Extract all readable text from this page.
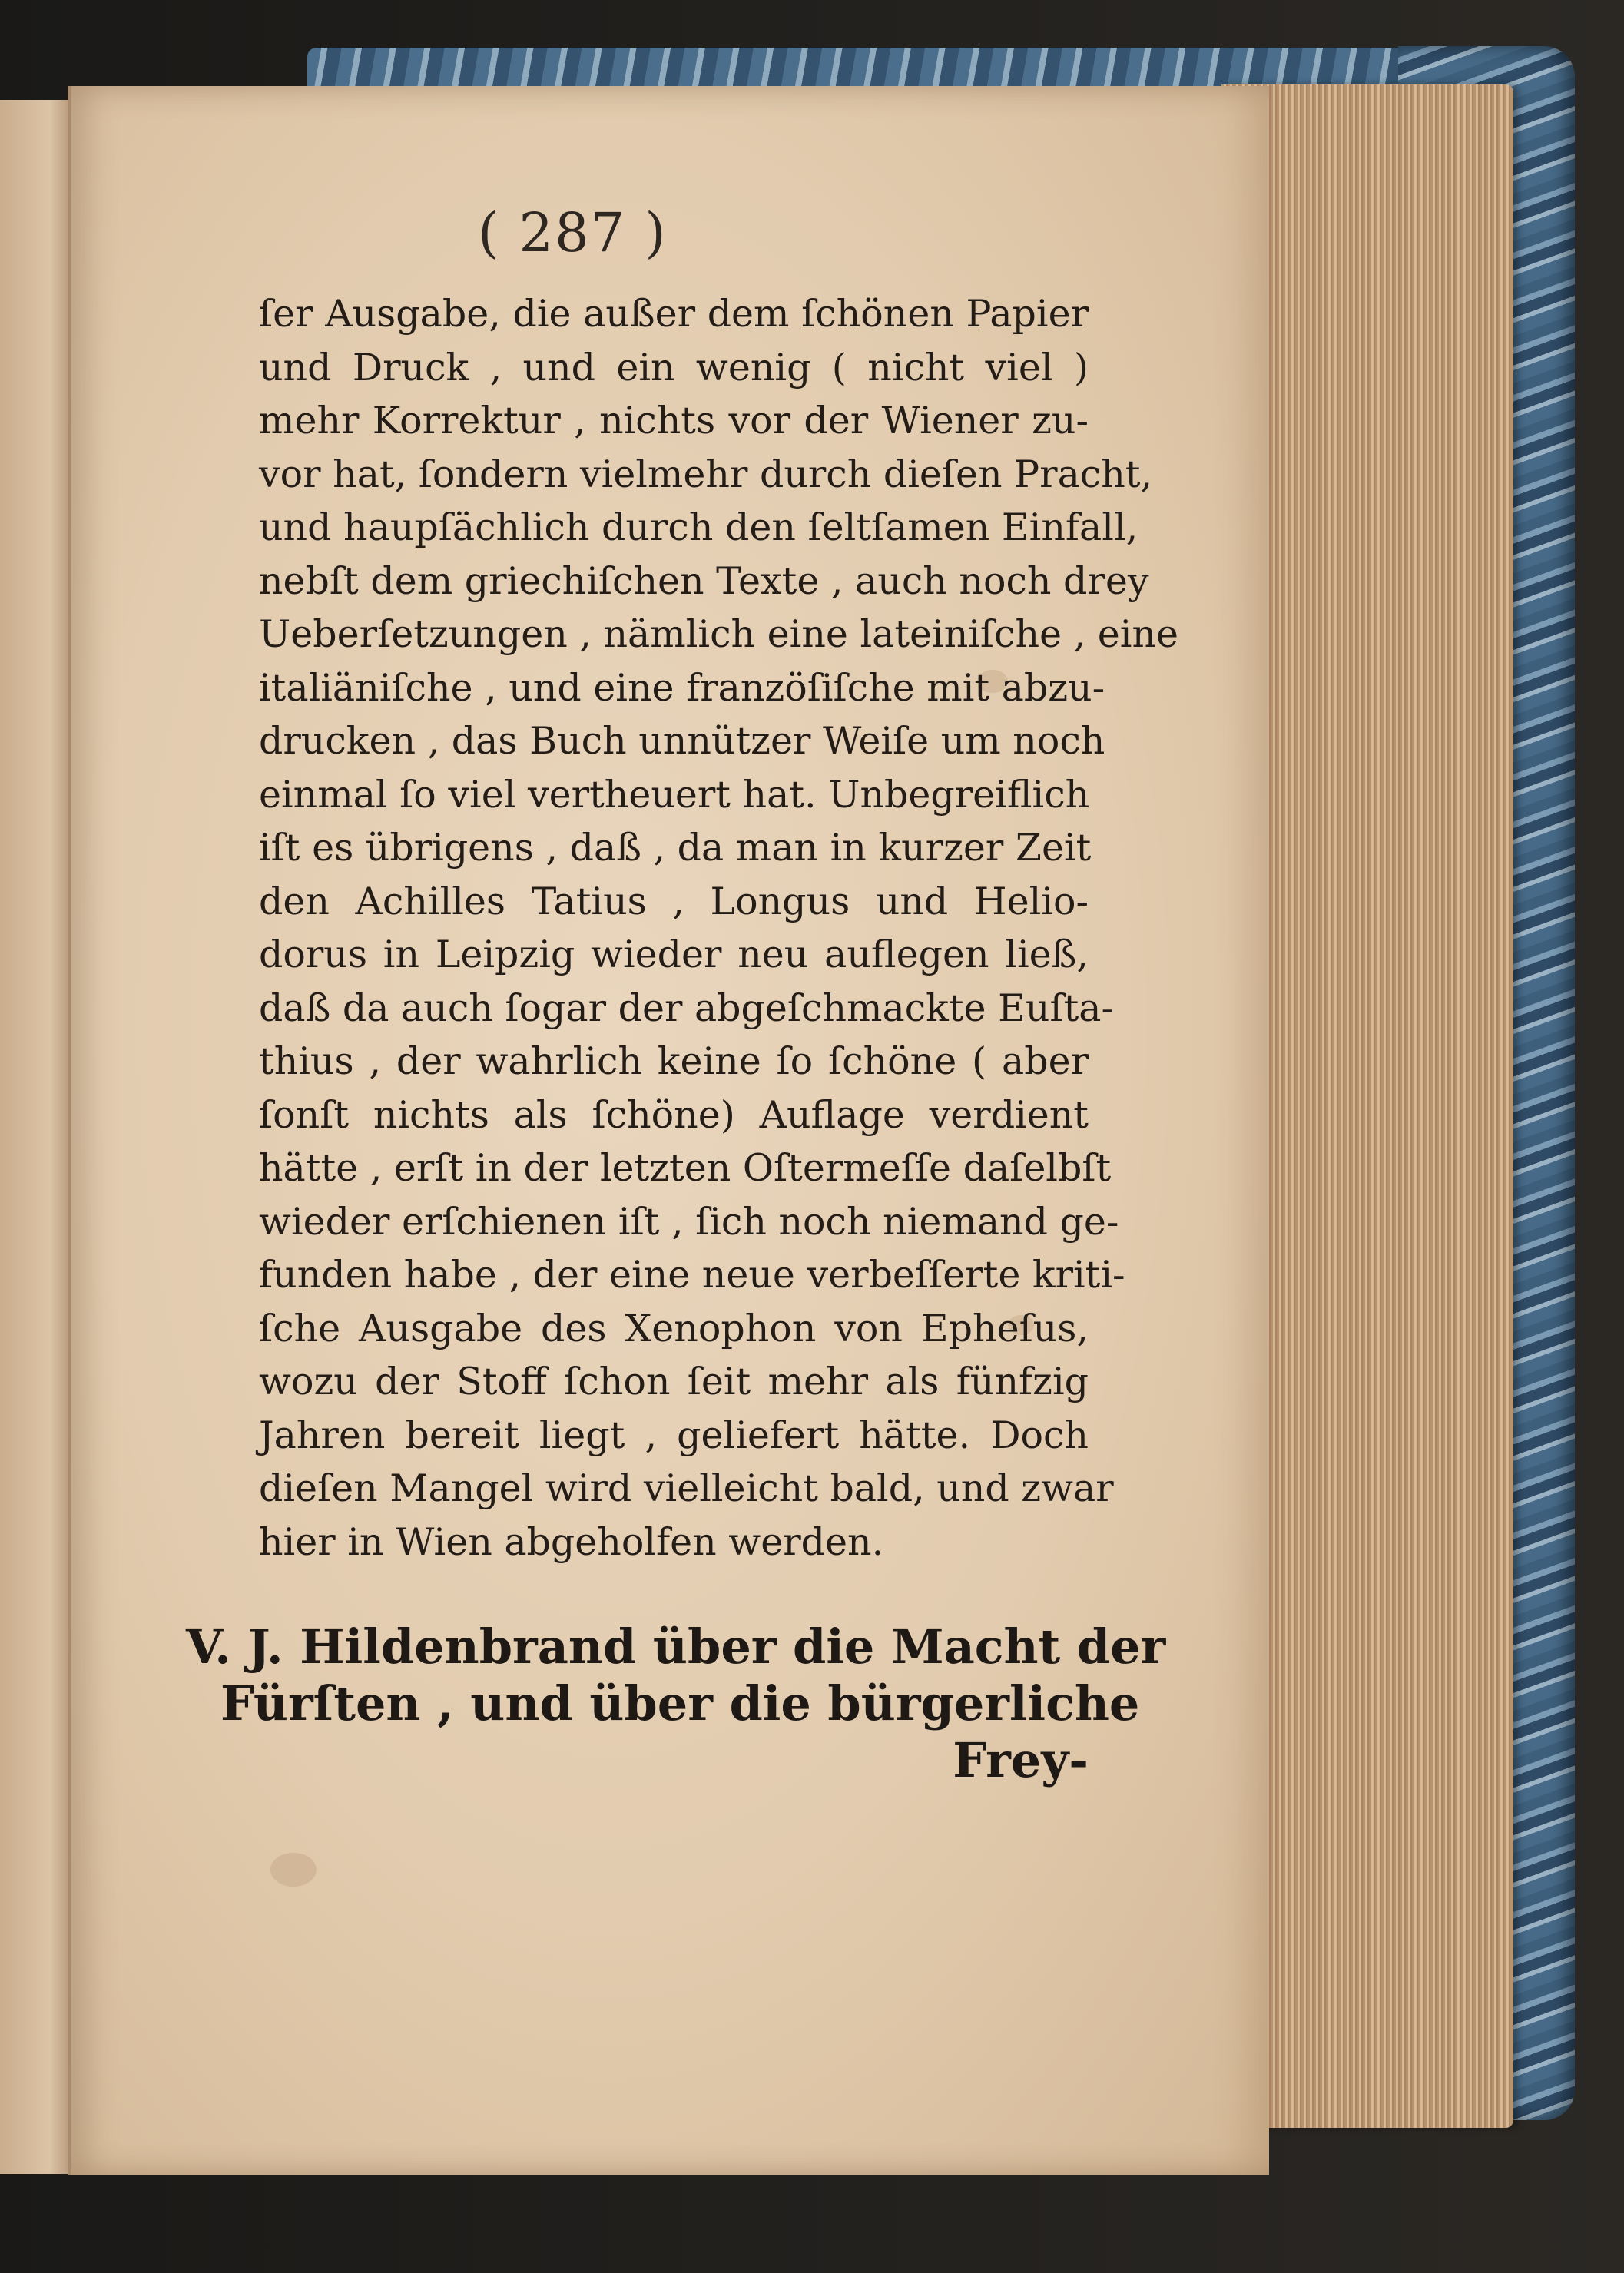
( 287 )
ſer Ausgabe, die außer dem ſchönen Papier
und Druck , und ein wenig ( nicht viel )
mehr Korrektur , nichts vor der Wiener zu-
vor hat, ſondern vielmehr durch dieſen Pracht,
und haupſächlich durch den ſeltſamen Einfall,
nebſt dem griechiſchen Texte , auch noch drey
Ueberſetzungen , nämlich eine lateiniſche , eine
italiäniſche , und eine franzöſiſche mit abzu-
drucken , das Buch unnützer Weiſe um noch
einmal ſo viel vertheuert hat. Unbegreiflich
iſt es übrigens , daß , da man in kurzer Zeit
den Achilles Tatius , Longus und Helio-
dorus in Leipzig wieder neu auflegen ließ,
daß da auch ſogar der abgeſchmackte Euſta-
thius , der wahrlich keine ſo ſchöne ( aber
ſonſt nichts als ſchöne) Auflage verdient
hätte , erſt in der letzten Oſtermeſſe daſelbſt
wieder erſchienen iſt , ſich noch niemand ge-
funden habe , der eine neue verbeſſerte kriti-
ſche Ausgabe des Xenophon von Epheſus,
wozu der Stoff ſchon ſeit mehr als fünfzig
Jahren bereit liegt , geliefert hätte. Doch
dieſen Mangel wird vielleicht bald, und zwar
hier in Wien abgeholfen werden.
V. J. Hildenbrand über die Macht der
Fürſten , und über die bürgerliche
Frey-
